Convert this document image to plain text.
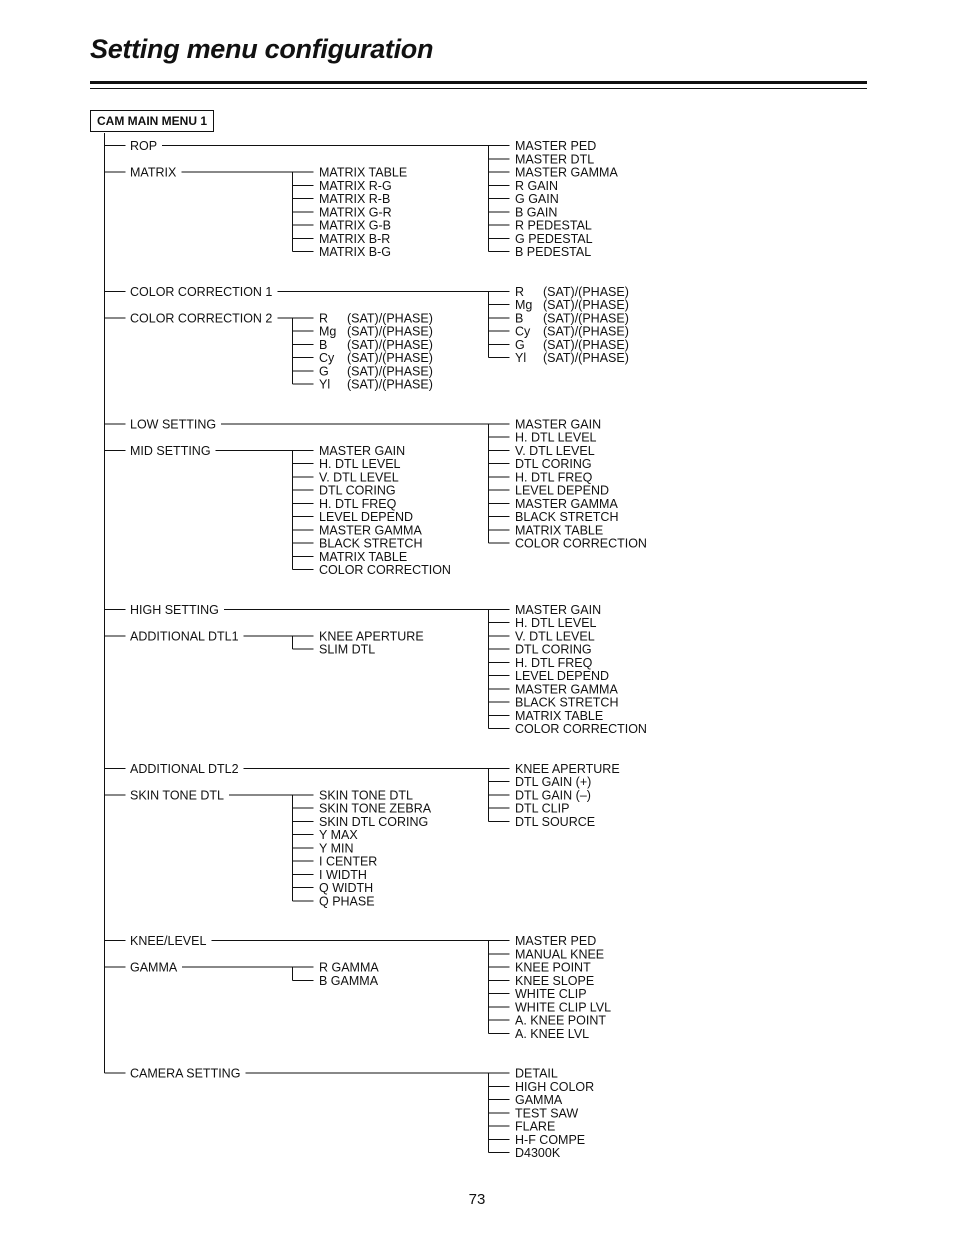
Setting menu configuration
CAM MAIN MENU 1
ROP	MASTER PED
MASTER DTL
MASTER GAMMA
R GAIN
G GAIN
B GAIN
R PEDESTAL
G PEDESTAL
B PEDESTAL
MATRIX	MATRIX TABLE
MATRIX R-G
MATRIX R-B
MATRIX G-R
MATRIX G-B
MATRIX B-R
MATRIX B-G
COLOR CORRECTION 1	R (SAT)/(PHASE)
Mg (SAT)/(PHASE)
B (SAT)/(PHASE)
Cy (SAT)/(PHASE)
G (SAT)/(PHASE)
Yl (SAT)/(PHASE)
COLOR CORRECTION 2	R (SAT)/(PHASE)
Mg (SAT)/(PHASE)
B (SAT)/(PHASE)
Cy (SAT)/(PHASE)
G (SAT)/(PHASE)
Yl (SAT)/(PHASE)
LOW SETTING	MASTER GAIN
H. DTL LEVEL
V. DTL LEVEL
DTL CORING
H. DTL FREQ
LEVEL DEPEND
MASTER GAMMA
BLACK STRETCH
MATRIX TABLE
COLOR CORRECTION
MID SETTING	MASTER GAIN
H. DTL LEVEL
V. DTL LEVEL
DTL CORING
H. DTL FREQ
LEVEL DEPEND
MASTER GAMMA
BLACK STRETCH
MATRIX TABLE
COLOR CORRECTION
HIGH SETTING	MASTER GAIN
H. DTL LEVEL
V. DTL LEVEL
DTL CORING
H. DTL FREQ
LEVEL DEPEND
MASTER GAMMA
BLACK STRETCH
MATRIX TABLE
COLOR CORRECTION
ADDITIONAL DTL1	KNEE APERTURE
SLIM DTL
ADDITIONAL DTL2	KNEE APERTURE
DTL GAIN (+)
DTL GAIN (–)
DTL CLIP
DTL SOURCE
SKIN TONE DTL	SKIN TONE DTL
SKIN TONE ZEBRA
SKIN DTL CORING
Y MAX
Y MIN
I CENTER
I WIDTH
Q WIDTH
Q PHASE
KNEE/LEVEL	MASTER PED
MANUAL KNEE
KNEE POINT
KNEE SLOPE
WHITE CLIP
WHITE CLIP LVL
A. KNEE POINT
A. KNEE LVL
GAMMA	R GAMMA
B GAMMA
CAMERA SETTING	DETAIL
HIGH COLOR
GAMMA
TEST SAW
FLARE
H-F COMPE
D4300K
73
